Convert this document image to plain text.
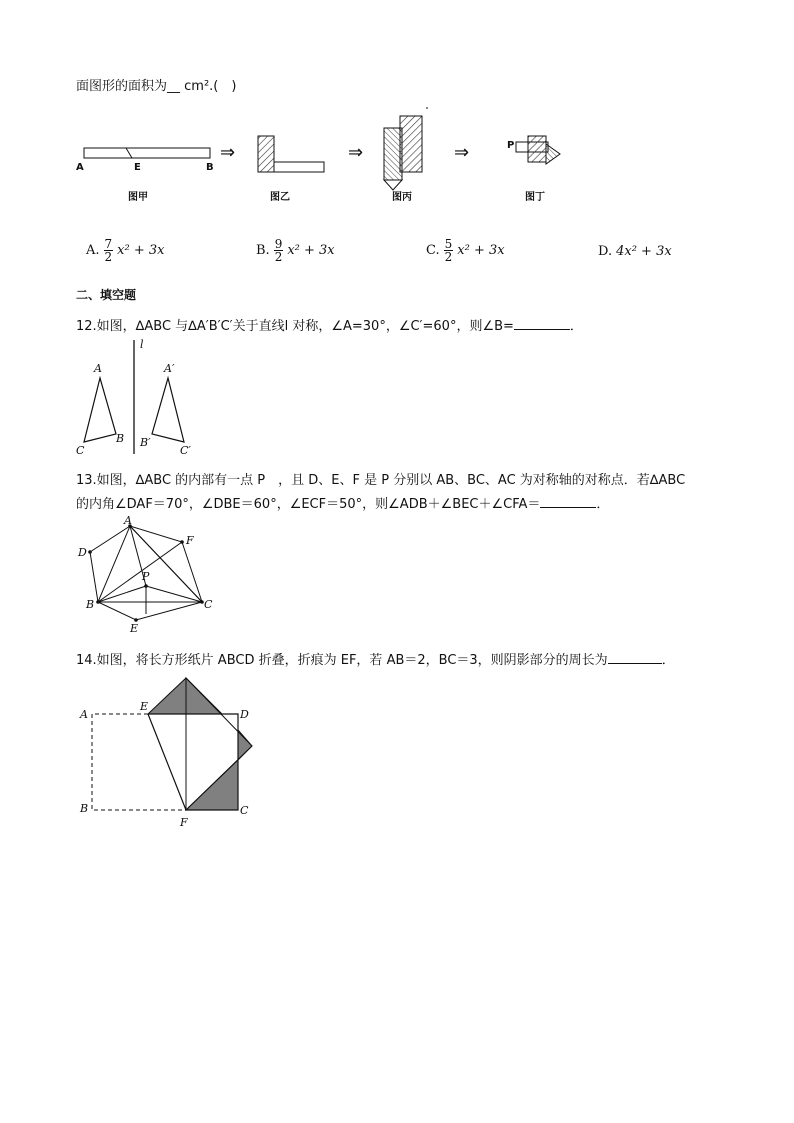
面图形的面积为__ cm².(　)
A	E	B
图甲
⇒
图乙
⇒
图丙
⇒	P
图丁
A. $\frac{7}{2} x^2 + 3x$	B. $\frac{9}{2} x^2 + 3x$	C. $\frac{5}{2} x^2 + 3x$	D. 4x² + 3x
二、填空题
12.如图，∆ABC 与∆A′B′C′关于直线l 对称，∠A=30°，∠C′=60°，则∠B=	．
l
A
B
C
A′
B′
C′
13.如图，∆ABC 的内部有一点 P　，且 D、E、F 是 P 分别以 AB、BC、AC 为对称轴的对称点．若∆ABC
的内角∠DAF＝70°，∠DBE＝60°，∠ECF＝50°，则∠ADB＋∠BEC＋∠CFA＝	．
A
D
F
P
B	C
E
14.如图，将长方形纸片 ABCD 折叠，折痕为 EF，若 AB＝2，BC＝3，则阴影部分的周长为	．
A
E
D
B
F
C
